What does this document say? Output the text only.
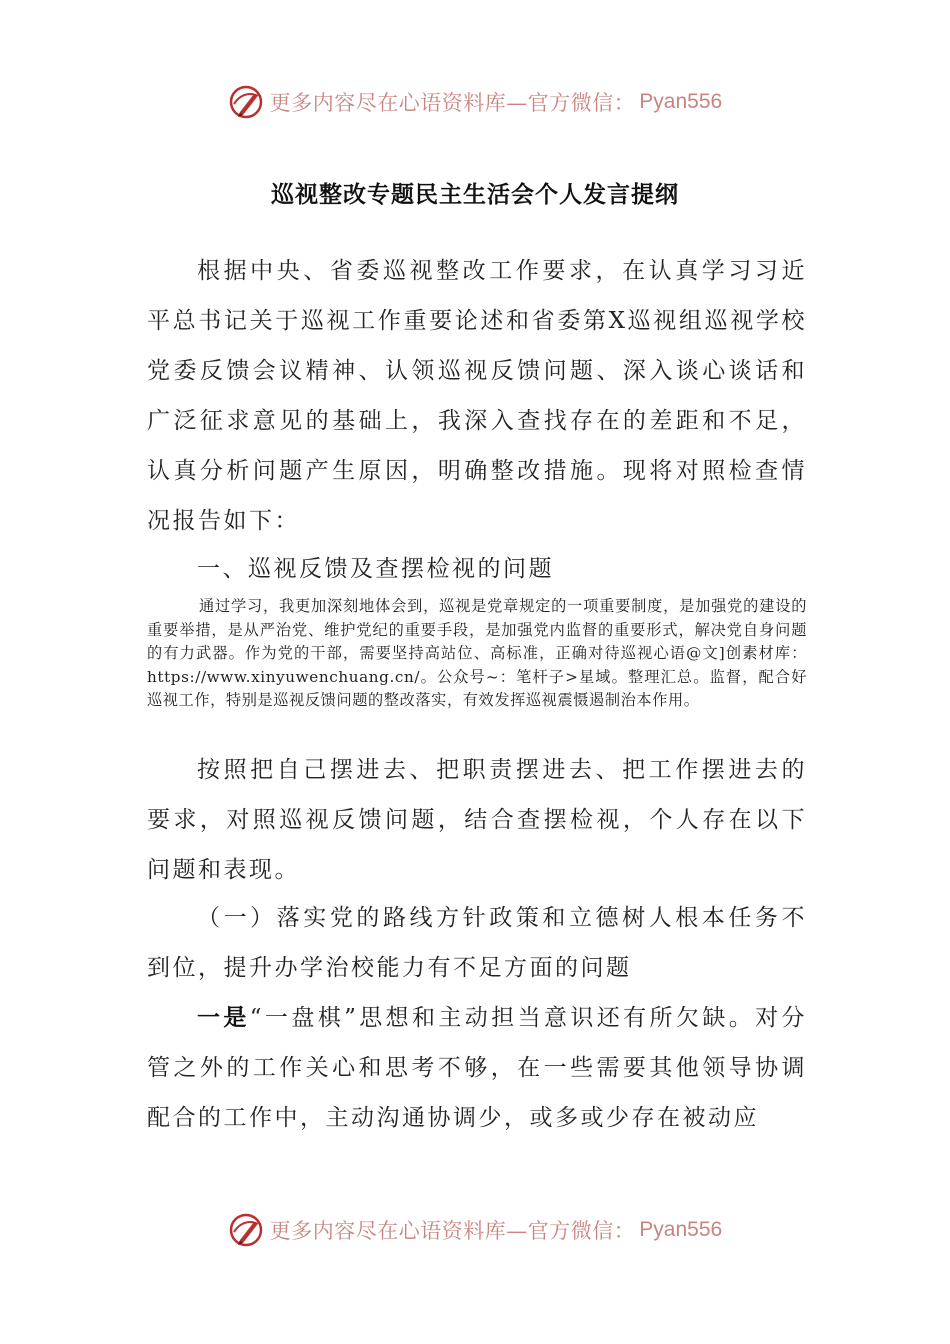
更多内容尽在心语资料库—官方微信： Pyan556
巡视整改专题民主生活会个人发言提纲
根据中央、省委巡视整改工作要求，在认真学习习近平总书记关于巡视工作重要论述和省委第X巡视组巡视学校党委反馈会议精神、认领巡视反馈问题、深入谈心谈话和广泛征求意见的基础上，我深入查找存在的差距和不足，认真分析问题产生原因，明确整改措施。现将对照检查情况报告如下：
一、巡视反馈及查摆检视的问题
通过学习，我更加深刻地体会到，巡视是党章规定的一项重要制度，是加强党的建设的重要举措，是从严治党、维护党纪的重要手段，是加强党内监督的重要形式，解决党自身问题的有力武器。作为党的干部，需要坚持高站位、高标准，正确对待巡视心语@文]创素材库：https://www.xinyuwenchuang.cn/。公众号~：笔杆子>星域。整理汇总。监督，配合好巡视工作，特别是巡视反馈问题的整改落实，有效发挥巡视震慑遏制治本作用。
按照把自己摆进去、把职责摆进去、把工作摆进去的要求，对照巡视反馈问题，结合查摆检视，个人存在以下问题和表现。
（一）落实党的路线方针政策和立德树人根本任务不到位，提升办学治校能力有不足方面的问题
一是“一盘棋”思想和主动担当意识还有所欠缺。对分管之外的工作关心和思考不够，在一些需要其他领导协调配合的工作中，主动沟通协调少，或多或少存在被动应
更多内容尽在心语资料库—官方微信： Pyan556
